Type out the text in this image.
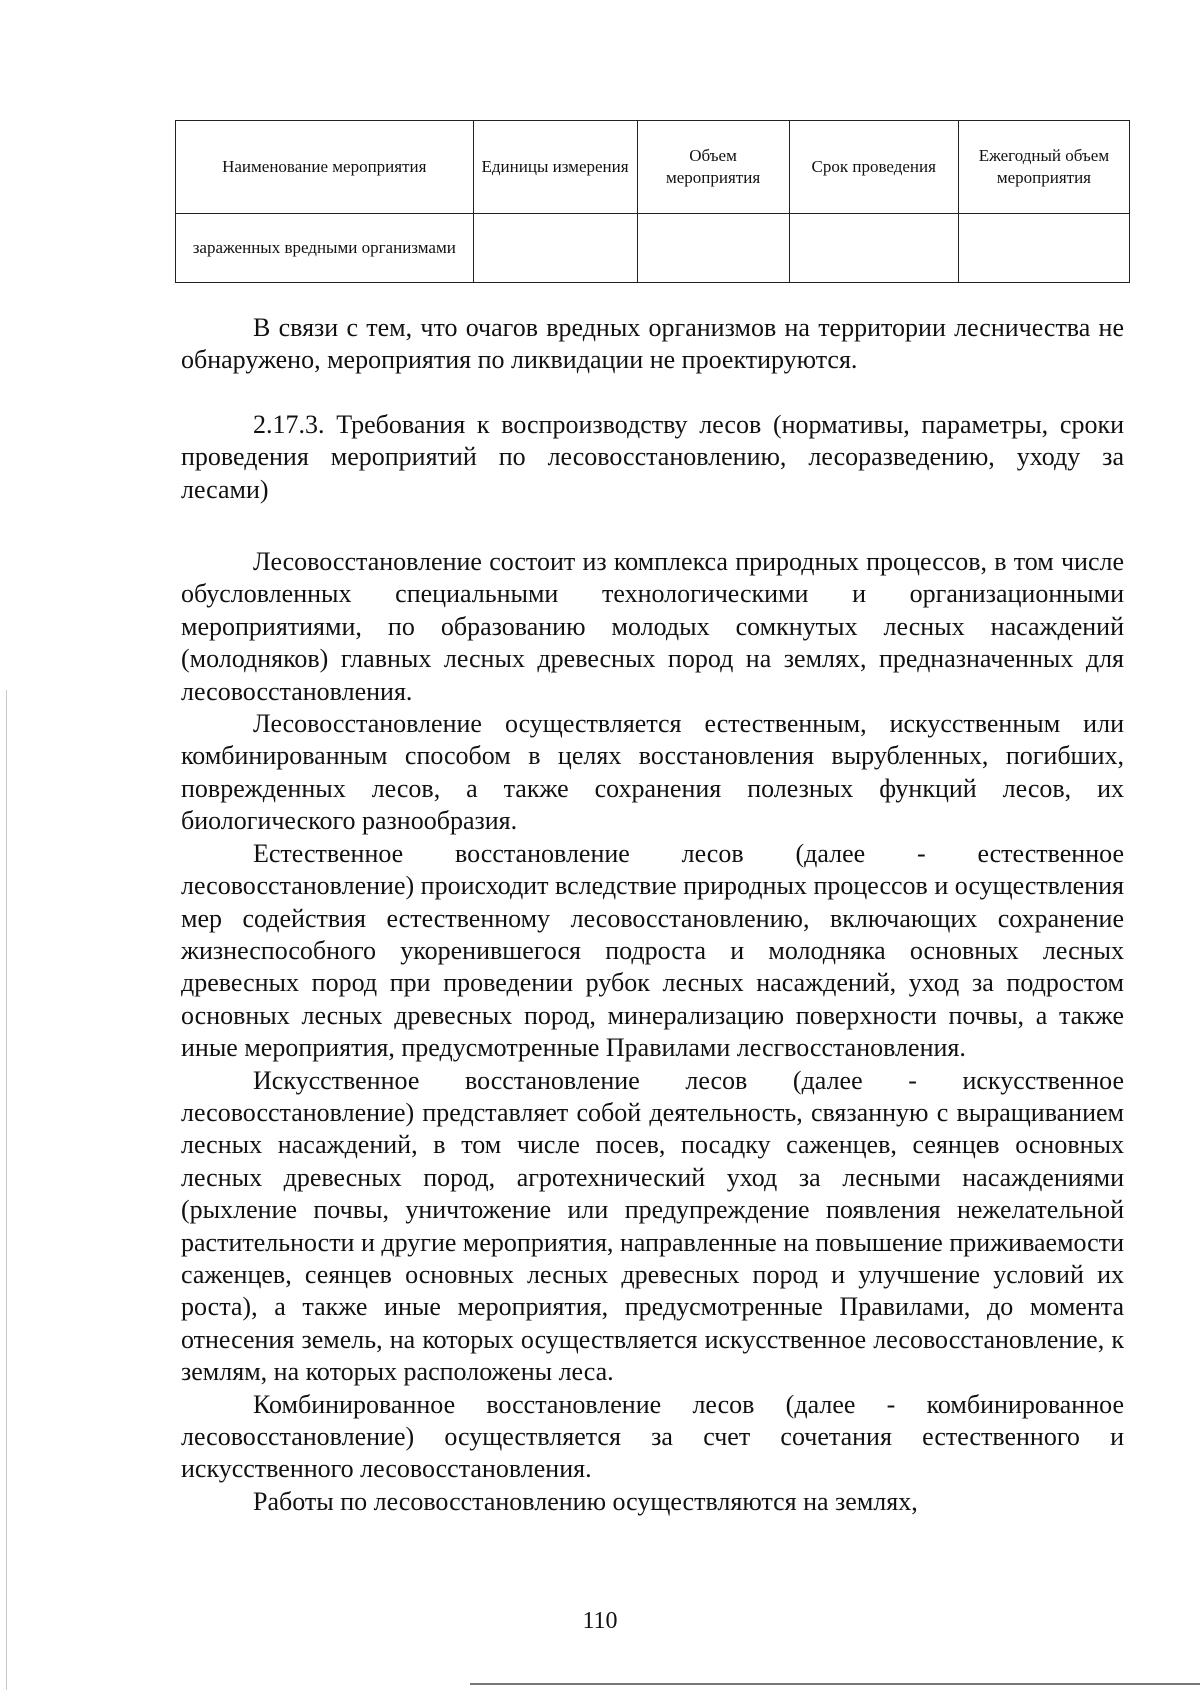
Наименование мероприятия	Единицы измерения	Объем мероприятия	Срок проведения	Ежегодный объем мероприятия
зараженных вредными организмами				

В связи с тем, что очагов вредных организмов на территории лесничества не обнаружено, мероприятия по ликвидации не проектируются.

2.17.3. Требования к воспроизводству лесов (нормативы, параметры, сроки проведения мероприятий по лесовосстановлению, лесоразведению, уходу за лесами)

Лесовосстановление состоит из комплекса природных процессов, в том числе обусловленных специальными технологическими и организационными мероприятиями, по образованию молодых сомкнутых лесных насаждений (молодняков) главных лесных древесных пород на землях, предназначенных для лесовосстановления.

Лесовосстановление осуществляется естественным, искусственным или комбинированным способом в целях восстановления вырубленных, погибших, поврежденных лесов, а также сохранения полезных функций лесов, их биологического разнообразия.

Естественное восстановление лесов (далее - естественное лесовосстановление) происходит вследствие природных процессов и осуществления мер содействия естественному лесовосстановлению, включающих сохранение жизнеспособного укоренившегося подроста и молодняка основных лесных древесных пород при проведении рубок лесных насаждений, уход за подростом основных лесных древесных пород, минерализацию поверхности почвы, а также иные мероприятия, предусмотренные Правилами лесгвосстановления.

Искусственное восстановление лесов (далее - искусственное лесовосстановление) представляет собой деятельность, связанную с выращиванием лесных насаждений, в том числе посев, посадку саженцев, сеянцев основных лесных древесных пород, агротехнический уход за лесными насаждениями (рыхление почвы, уничтожение или предупреждение появления нежелательной растительности и другие мероприятия, направленные на повышение приживаемости саженцев, сеянцев основных лесных древесных пород и улучшение условий их роста), а также иные мероприятия, предусмотренные Правилами, до момента отнесения земель, на которых осуществляется искусственное лесовосстановление, к землям, на которых расположены леса.

Комбинированное восстановление лесов (далее - комбинированное лесовосстановление) осуществляется за счет сочетания естественного и искусственного лесовосстановления.

Работы по лесовосстановлению осуществляются на землях,

110
